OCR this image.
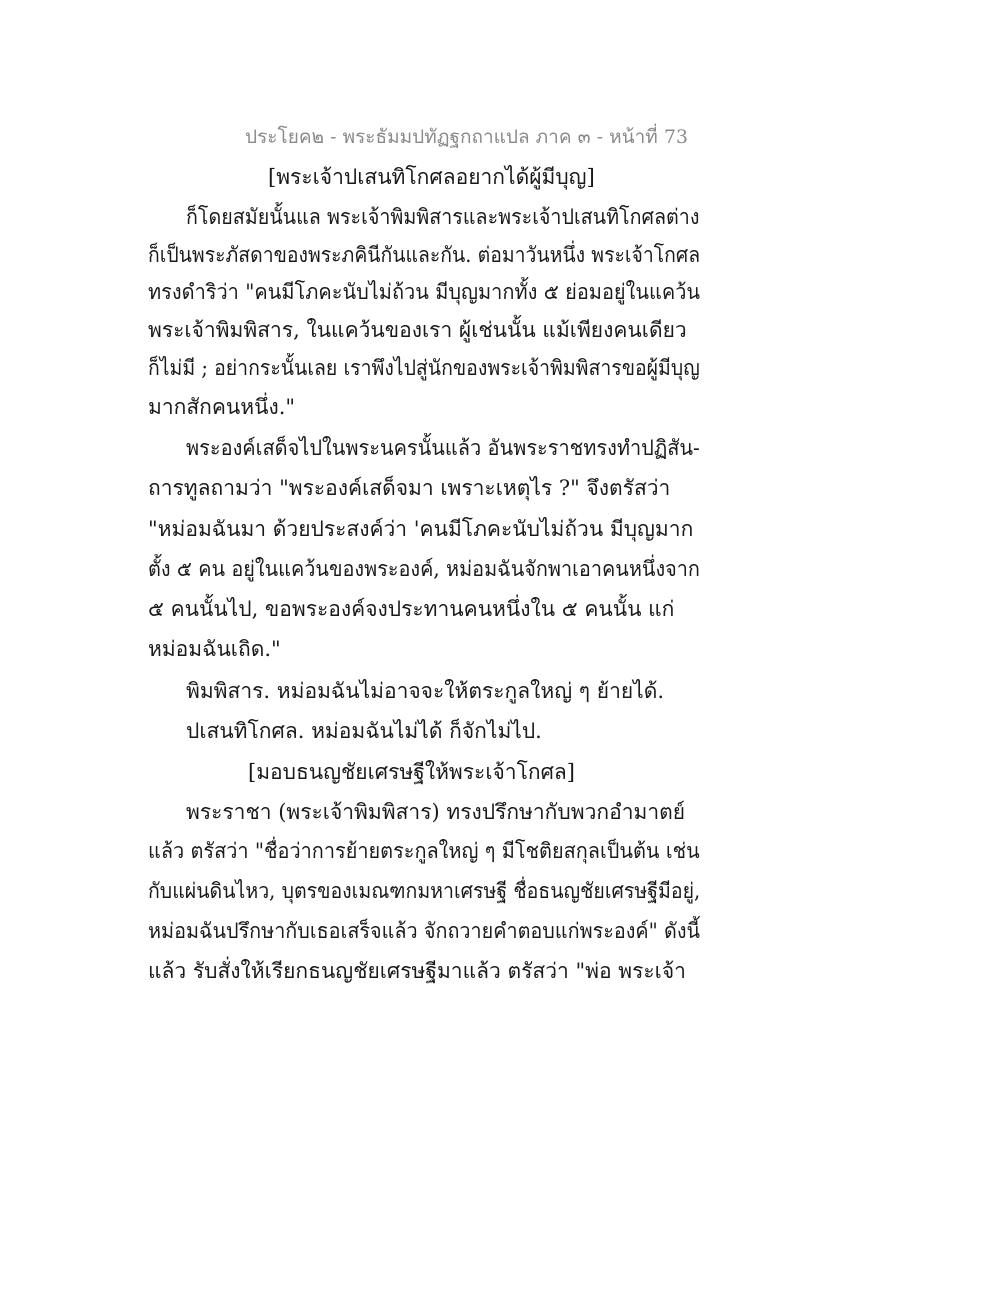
ประโยค๒ - พระธัมมปทัฏฐกถาแปล ภาค ๓ - หน้าที่ 73
[พระเจ้าปเสนทิโกศลอยากได้ผู้มีบุญ]
ก็โดยสมัยนั้นแล พระเจ้าพิมพิสารและพระเจ้าปเสนทิโกศลต่าง
ก็เป็นพระภัสดาของพระภคินีกันและกัน. ต่อมาวันหนึ่ง พระเจ้าโกศล
ทรงดำริว่า "คนมีโภคะนับไม่ถ้วน มีบุญมากทั้ง ๕ ย่อมอยู่ในแคว้น
พระเจ้าพิมพิสาร, ในแคว้นของเรา ผู้เช่นนั้น แม้เพียงคนเดียว
ก็ไม่มี ; อย่ากระนั้นเลย เราพึงไปสู่นักของพระเจ้าพิมพิสารขอผู้มีบุญ
มากสักคนหนึ่ง."
พระองค์เสด็จไปในพระนครนั้นแล้ว อันพระราชทรงทำปฏิสัน-
ถารทูลถามว่า "พระองค์เสด็จมา เพราะเหตุไร ?" จึงตรัสว่า
"หม่อมฉันมา ด้วยประสงค์ว่า 'คนมีโภคะนับไม่ถ้วน มีบุญมาก
ตั้ง ๕ คน อยู่ในแคว้นของพระองค์, หม่อมฉันจักพาเอาคนหนึ่งจาก
๕ คนนั้นไป, ขอพระองค์จงประทานคนหนึ่งใน ๕ คนนั้น แก่
หม่อมฉันเถิด."
พิมพิสาร. หม่อมฉันไม่อาจจะให้ตระกูลใหญ่ ๆ ย้ายได้.
ปเสนทิโกศล. หม่อมฉันไม่ได้ ก็จักไม่ไป.
[มอบธนญชัยเศรษฐีให้พระเจ้าโกศล]
พระราชา (พระเจ้าพิมพิสาร) ทรงปรึกษากับพวกอำมาตย์
แล้ว ตรัสว่า "ชื่อว่าการย้ายตระกูลใหญ่ ๆ มีโชติยสกุลเป็นต้น เช่น
กับแผ่นดินไหว, บุตรของเมณฑกมหาเศรษฐี ชื่อธนญชัยเศรษฐีมีอยู่,
หม่อมฉันปรึกษากับเธอเสร็จแล้ว จักถวายคำตอบแก่พระองค์" ดังนี้
แล้ว รับสั่งให้เรียกธนญชัยเศรษฐีมาแล้ว ตรัสว่า "พ่อ พระเจ้า
